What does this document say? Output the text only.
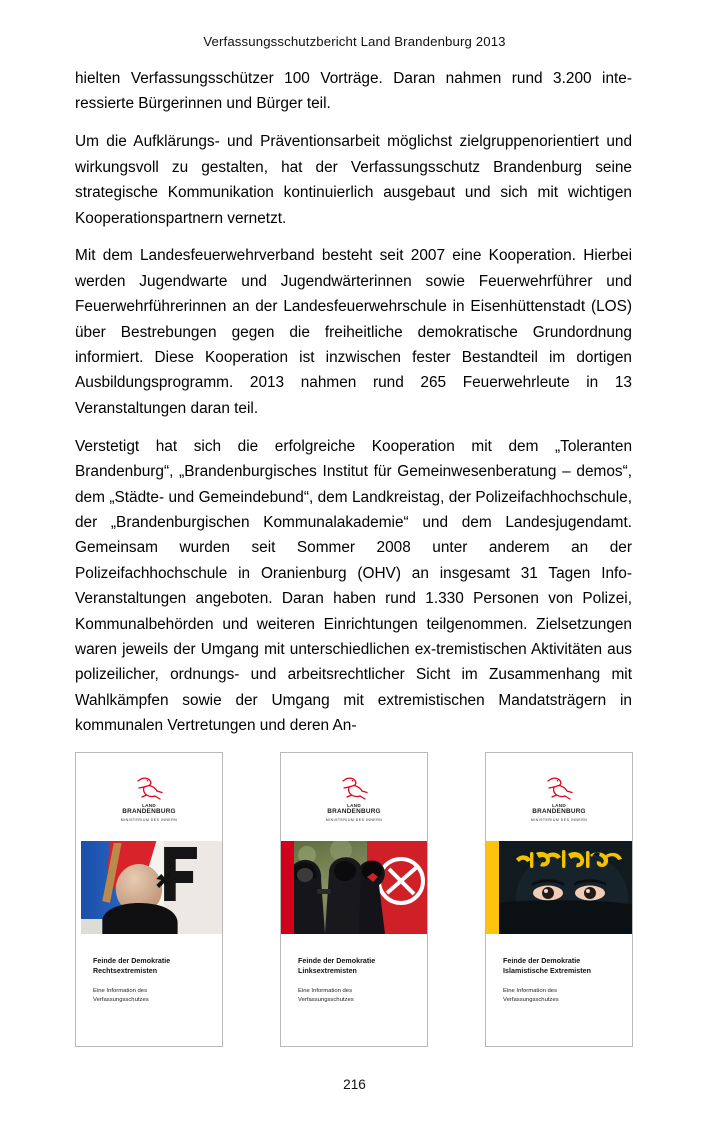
Verfassungsschutzbericht Land Brandenburg 2013

hielten Verfassungsschützer 100 Vorträge. Daran nahmen rund 3.200 interessierte Bürgerinnen und Bürger teil.

Um die Aufklärungs- und Präventionsarbeit möglichst zielgruppenorientiert und wirkungsvoll zu gestalten, hat der Verfassungsschutz Brandenburg seine strategische Kommunikation kontinuierlich ausgebaut und sich mit wichtigen Kooperationspartnern vernetzt.

Mit dem Landesfeuerwehrverband besteht seit 2007 eine Kooperation. Hierbei werden Jugendwarte und Jugendwärterinnen sowie Feuerwehrführer und Feuerwehrführerinnen an der Landesfeuerwehrschule in Eisenhüttenstadt (LOS) über Bestrebungen gegen die freiheitliche demokratische Grundordnung informiert. Diese Kooperation ist inzwischen fester Bestandteil im dortigen Ausbildungsprogramm. 2013 nahmen rund 265 Feuerwehrleute in 13 Veranstaltungen daran teil.

Verstetigt hat sich die erfolgreiche Kooperation mit dem „Toleranten Brandenburg“, „Brandenburgisches Institut für Gemeinwesenberatung – demos“, dem „Städte- und Gemeindebund“, dem Landkreistag, der Polizeifachhochschule, der „Brandenburgischen Kommunalakademie“ und dem Landesjugendamt. Gemeinsam wurden seit Sommer 2008 unter anderem an der Polizeifachhochschule in Oranienburg (OHV) an insgesamt 31 Tagen Info-Veranstaltungen angeboten. Daran haben rund 1.330 Personen von Polizei, Kommunalbehörden und weiteren Einrichtungen teilgenommen. Zielsetzungen waren jeweils der Umgang mit unterschiedlichen ex-tremistischen Aktivitäten aus polizeilicher, ordnungs- und arbeitsrechtlicher Sicht im Zusammenhang mit Wahlkämpfen sowie der Umgang mit extremistischen Mandatsträgern in kommunalen Vertretungen und deren An-

LAND
BRANDENBURG
MINISTERIUM DES INNERN
Feinde der Demokratie
Rechtsextremisten
Eine Information des
Verfassungsschutzes
LAND
BRANDENBURG
MINISTERIUM DES INNERN
Feinde der Demokratie
Linksextremisten
Eine Information des
Verfassungsschutzes
LAND
BRANDENBURG
MINISTERIUM DES INNERN
Feinde der Demokratie
Islamistische Extremisten
Eine Information des
Verfassungsschutzes
216
